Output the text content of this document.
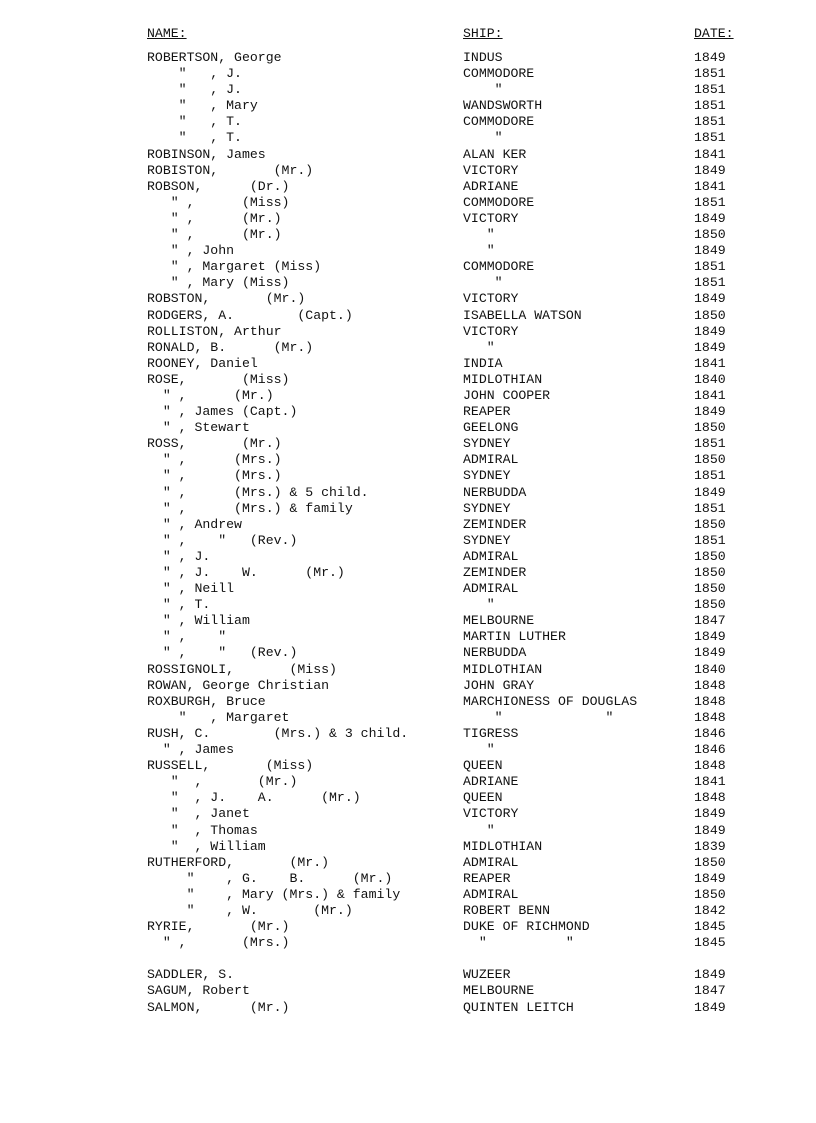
NAME:	SHIP:	DATE:
ROBERTSON, George	INDUS	1849
"   , J.	COMMODORE	1851
"   , J.	"	1851
"   , Mary	WANDSWORTH	1851
"   , T.	COMMODORE	1851
"   , T.	"	1851
ROBINSON, James	ALAN KER	1841
ROBISTON,       (Mr.)	VICTORY	1849
ROBSON,      (Dr.)	ADRIANE	1841
" ,      (Miss)	COMMODORE	1851
" ,      (Mr.)	VICTORY	1849
" ,      (Mr.)	"	1850
" , John	"	1849
" , Margaret (Miss)	COMMODORE	1851
" , Mary (Miss)	"	1851
ROBSTON,       (Mr.)	VICTORY	1849
RODGERS, A.        (Capt.)	ISABELLA WATSON	1850
ROLLISTON, Arthur	VICTORY	1849
RONALD, B.      (Mr.)	"	1849
ROONEY, Daniel	INDIA	1841
ROSE,       (Miss)	MIDLOTHIAN	1840
" ,      (Mr.)	JOHN COOPER	1841
" , James (Capt.)	REAPER	1849
" , Stewart	GEELONG	1850
ROSS,       (Mr.)	SYDNEY	1851
" ,      (Mrs.)	ADMIRAL	1850
" ,      (Mrs.)	SYDNEY	1851
" ,      (Mrs.) & 5 child.	NERBUDDA	1849
" ,      (Mrs.) & family	SYDNEY	1851
" , Andrew	ZEMINDER	1850
" ,    "   (Rev.)	SYDNEY	1851
" , J.	ADMIRAL	1850
" , J.    W.      (Mr.)	ZEMINDER	1850
" , Neill	ADMIRAL	1850
" , T.	"	1850
" , William	MELBOURNE	1847
" ,    "	MARTIN LUTHER	1849
" ,    "   (Rev.)	NERBUDDA	1849
ROSSIGNOLI,       (Miss)	MIDLOTHIAN	1840
ROWAN, George Christian	JOHN GRAY	1848
ROXBURGH, Bruce	MARCHIONESS OF DOUGLAS	1848
"   , Margaret	"             "	1848
RUSH, C.        (Mrs.) & 3 child.	TIGRESS	1846
" , James	"	1846
RUSSELL,       (Miss)	QUEEN	1848
"  ,       (Mr.)	ADRIANE	1841
"  , J.    A.      (Mr.)	QUEEN	1848
"  , Janet	VICTORY	1849
"  , Thomas	"	1849
"  , William	MIDLOTHIAN	1839
RUTHERFORD,       (Mr.)	ADMIRAL	1850
"    , G.    B.      (Mr.)	REAPER	1849
"    , Mary (Mrs.) & family	ADMIRAL	1850
"    , W.       (Mr.)	ROBERT BENN	1842
RYRIE,       (Mr.)	DUKE OF RICHMOND	1845
" ,       (Mrs.)	"          "	1845
SADDLER, S.	WUZEER	1849
SAGUM, Robert	MELBOURNE	1847
SALMON,      (Mr.)	QUINTEN LEITCH	1849
